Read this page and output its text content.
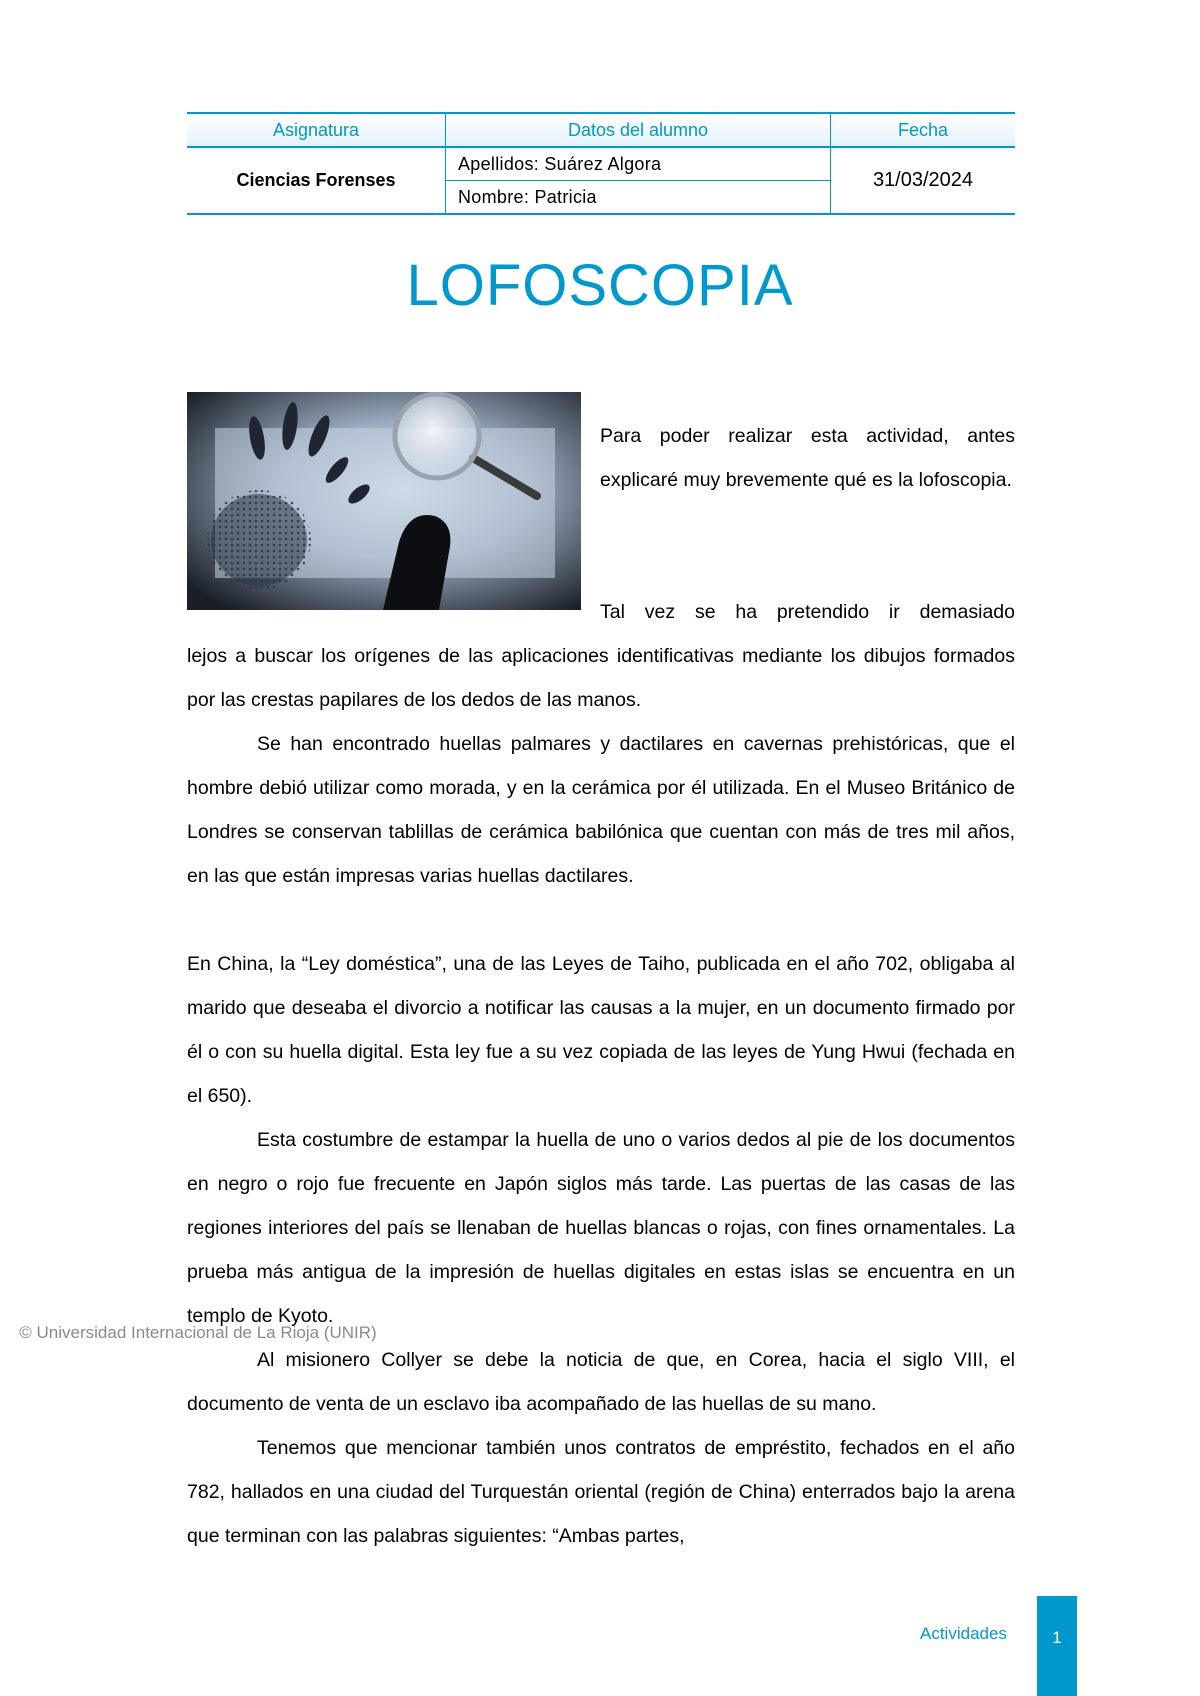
Asignatura	Datos del alumno	Fecha
Ciencias Forenses	Apellidos: Suárez Algora	31/03/2024
	Nombre: Patricia	
LOFOSCOPIA
Para poder realizar esta actividad, antes explicaré muy brevemente qué es la lofoscopia.
Tal vez se ha pretendido ir demasiado
lejos a buscar los orígenes de las aplicaciones identificativas mediante los dibujos formados por las crestas papilares de los dedos de las manos.
Se han encontrado huellas palmares y dactilares en cavernas prehistóricas, que el hombre debió utilizar como morada, y en la cerámica por él utilizada. En el Museo Británico de Londres se conservan tablillas de cerámica babilónica que cuentan con más de tres mil años, en las que están impresas varias huellas dactilares.
En China, la “Ley doméstica”, una de las Leyes de Taiho, publicada en el año 702, obligaba al marido que deseaba el divorcio a notificar las causas a la mujer, en un documento firmado por él o con su huella digital. Esta ley fue a su vez copiada de las leyes de Yung Hwui (fechada en el 650).
Esta costumbre de estampar la huella de uno o varios dedos al pie de los documentos en negro o rojo fue frecuente en Japón siglos más tarde. Las puertas de las casas de las regiones interiores del país se llenaban de huellas blancas o rojas, con fines ornamentales. La prueba más antigua de la impresión de huellas digitales en estas islas se encuentra en un templo de Kyoto.
Al misionero Collyer se debe la noticia de que, en Corea, hacia el siglo VIII, el documento de venta de un esclavo iba acompañado de las huellas de su mano.
Tenemos que mencionar también unos contratos de empréstito, fechados en el año 782, hallados en una ciudad del Turquestán oriental (región de China) enterrados bajo la arena que terminan con las palabras siguientes: “Ambas partes,
© Universidad Internacional de La Rioja (UNIR)
Actividades	1
